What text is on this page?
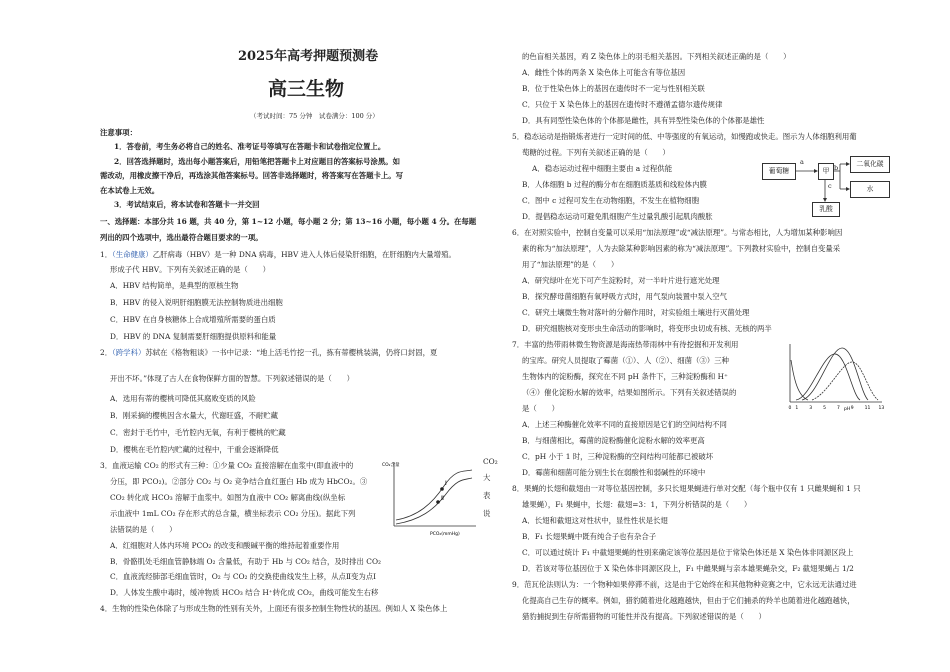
2025年高考押题预测卷
高三生物
（考试时间：75 分钟　试卷满分：100 分）
注意事项：
1．答卷前，考生务必将自己的姓名、准考证号等填写在答题卡和试卷指定位置上。
2．回答选择题时，选出每小题答案后，用铅笔把答题卡上对应题目的答案标号涂黑。如
需改动，用橡皮擦干净后，再选涂其他答案标号。回答非选择题时，将答案写在答题卡上。写
在本试卷上无效。
3．考试结束后，将本试卷和答题卡一并交回
一、选择题：本部分共 16 题，共 40 分，第 1~12 小题，每小题 2 分；第 13~16 小题，每小题 4 分。在每题
列出的四个选项中，选出最符合题目要求的一项。
1．（生命健康）乙肝病毒（HBV）是一种 DNA 病毒，HBV 进入人体后侵染肝细胞，在肝细胞内大量增殖。
形成子代 HBV。下列有关叙述正确的是（　　）
A．HBV 结构简单，是典型的原核生物
B．HBV 的侵入说明肝细胞膜无法控制物质进出细胞
C．HBV 在自身核糖体上合成增殖所需要的蛋白质
D．HBV 的 DNA 复制需要肝细胞提供原料和能量
2．（跨学科）苏轼在《格物粗谈》一书中记录：“地上活毛竹挖一孔，拣有蒂樱桃装满，仍将口封固，夏
开出不坏。”体现了古人在食物保鲜方面的智慧。下列叙述错误的是（　　）
A．选用有蒂的樱桃可降低其腐败变质的风险
B．刚采摘的樱桃因含水量大，代谢旺盛，不耐贮藏
C．密封于毛竹中，毛竹腔内无氧，有利于樱桃的贮藏
D．樱桃在毛竹腔内贮藏的过程中，干重会逐渐降低
3．血液运输 CO₂ 的形式有三种：①少量 CO₂ 直接溶解在血浆中(即血液中的
分压，即 PCO₂)。②部分 CO₂ 与 O₂ 竞争结合血红蛋白 Hb 成为 HbCO₂。③
CO₂ 转化成 HCO₃ 溶解于血浆中。如图为血液中 CO₂ 解离曲线(纵坐标
示血液中 1mL CO₂ 存在形式的总含量，横坐标表示 CO₂ 分压)。据此下列
法错误的是（　　）
CO₂
大
表
说
Ⅰ
Ⅱ
CO₂含量
PCO₂(mmHg)
A．红细胞对人体内环境 PCO₂ 的改变和酸碱平衡的维持起着重要作用
B．骨骼肌处毛细血管静脉端 O₂ 含量低，有助于 Hb 与 CO₂ 结合，及时排出 CO₂
C．血液流经肺部毛细血管时，O₂ 与 CO₂ 的交换使曲线发生上移，从点Ⅱ变为点Ⅰ
D．人体发生酸中毒时，缓冲物质 HCO₃ 结合 H⁺转化成 CO₂，曲线可能发生右移
4．生物的性染色体除了与形成生物的性别有关外，上面还有很多控制生物性状的基因。例如人 X 染色体上
的色盲相关基因，鸡 Z 染色体上的羽毛相关基因。下列相关叙述正确的是（　　）
A．雌性个体的两条 X 染色体上可能含有等位基因
B．位于性染色体上的基因在遗传时不一定与性别相关联
C．只位于 X 染色体上的基因在遗传时不遵循孟德尔遗传规律
D．具有同型性染色体的个体都是雌性，具有异型性染色体的个体都是雄性
5．稳态运动是指锻炼者进行一定时间的低、中等强度的有氧运动，如慢跑或快走。图示为人体细胞利用葡
萄糖的过程。下列有关叙述正确的是（　　）
A．稳态运动过程中细胞主要由 a 过程供能
B．人体细胞 b 过程的酶分布在细胞质基质和线粒体内膜
C．图中 c 过程可发生在动物细胞，不发生在植物细胞
D．提倡稳态运动可避免肌细胞产生过量乳酸引起肌肉酸胀
葡萄糖
a
甲 b	二氧化碳
水
c
乳酸
6．在对照实验中，控制自变量可以采用“加法原理”或“减法原理”。与常态相比，人为增加某种影响因
素的称为“加法原理”，人为去除某种影响因素的称为“减法原理”。下列教材实验中，控制自变量采
用了“加法原理”的是（　　）
A．研究绿叶在光下可产生淀粉时，对一半叶片进行遮光处理
B．探究酵母菌细胞有氧呼吸方式时，用气泵向装置中泵入空气
C．研究土壤微生物对落叶的分解作用时，对实验组土壤进行灭菌处理
D．研究细胞核对变形虫生命活动的影响时，将变形虫切成有核、无核的两半
7．丰富的热带雨林微生物资源是海南热带雨林中有待挖掘和开发利用
的宝库。研究人员提取了霉菌（①）、人（②）、细菌（③）三种
生物体内的淀粉酶，探究在不同 pH 条件下，三种淀粉酶和 H⁺
（④）催化淀粉水解的效率，结果如图所示。下列有关叙述错误的
是（　　）	pH
0 1 3 5 7 9 11 13
A．上述三种酶催化效率不同的直接原因是它们的空间结构不同
B．与细菌相比，霉菌的淀粉酶催化淀粉水解的效率更高
C．pH 小于 1 时，三种淀粉酶的空间结构可能都已被破坏
D．霉菌和细菌可能分别生长在弱酸性和弱碱性的环境中
8．果蝇的长翅和截翅由一对等位基因控制，多只长翅果蝇进行单对交配（每个瓶中仅有 1 只雌果蝇和 1 只
雄果蝇），F₁ 果蝇中，长翅：截翅=3：1，下列分析错误的是（　　）
A．长翅和截翅这对性状中，显性性状是长翅
B．F₁ 长翅果蝇中既有纯合子也有杂合子
C．可以通过统计 F₁ 中截翅果蝇的性别来确定该等位基因是位于常染色体还是 X 染色体非同源区段上
D．若该对等位基因位于 X 染色体非同源区段上，F₁ 中雌果蝇与亲本雄果蝇杂交，F₂ 截翅果蝇占 1/2
9．范瓦伦法则认为：一个物种如果停滞不前，这是由于它始终在和其他物种竞赛之中，它永远无法通过进
化提高自己生存的概率。例如，猎豹随着进化越跑越快，但由于它们捕杀的羚羊也随着进化越跑越快，
猎豹捕捉到生存所需猎物的可能性并没有提高。下列叙述错误的是（　　）
